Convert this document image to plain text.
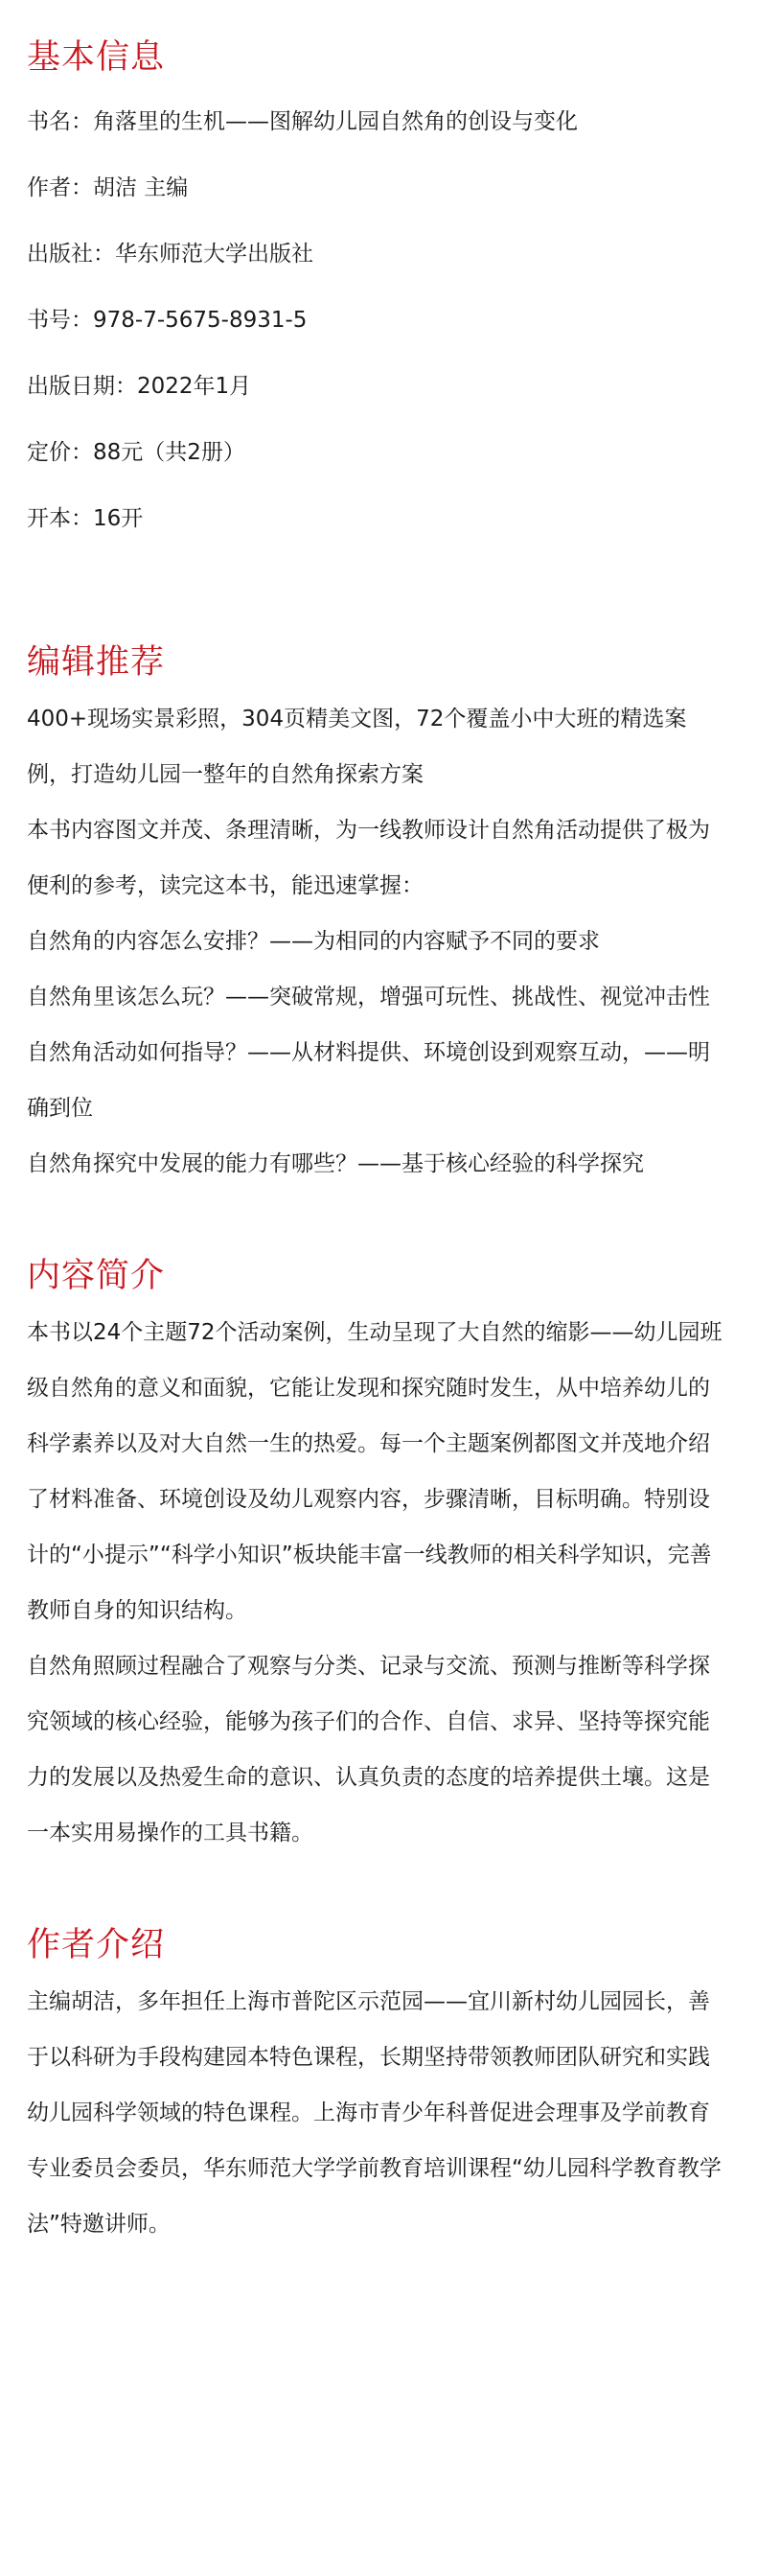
基本信息
书名：角落里的生机——图解幼儿园自然角的创设与变化
作者：胡洁 主编
出版社：华东师范大学出版社
书号：978-7-5675-8931-5
出版日期：2022年1月
定价：88元（共2册）
开本：16开
编辑推荐

400+现场实景彩照，304页精美文图，72个覆盖小中大班的精选案例，打造幼儿园一整年的自然角探索方案

本书内容图文并茂、条理清晰，为一线教师设计自然角活动提供了极为便利的参考，读完这本书，能迅速掌握：

自然角的内容怎么安排？——为相同的内容赋予不同的要求

自然角里该怎么玩？——突破常规，增强可玩性、挑战性、视觉冲击性

自然角活动如何指导？——从材料提供、环境创设到观察互动，——明确到位

自然角探究中发展的能力有哪些？——基于核心经验的科学探究

内容简介

本书以24个主题72个活动案例，生动呈现了大自然的缩影——幼儿园班级自然角的意义和面貌，它能让发现和探究随时发生，从中培养幼儿的科学素养以及对大自然一生的热爱。每一个主题案例都图文并茂地介绍了材料准备、环境创设及幼儿观察内容，步骤清晰，目标明确。特别设计的“小提示”“科学小知识”板块能丰富一线教师的相关科学知识，完善教师自身的知识结构。

自然角照顾过程融合了观察与分类、记录与交流、预测与推断等科学探究领域的核心经验，能够为孩子们的合作、自信、求异、坚持等探究能力的发展以及热爱生命的意识、认真负责的态度的培养提供土壤。这是一本实用易操作的工具书籍。

作者介绍

主编胡洁，多年担任上海市普陀区示范园——宜川新村幼儿园园长，善于以科研为手段构建园本特色课程，长期坚持带领教师团队研究和实践幼儿园科学领域的特色课程。上海市青少年科普促进会理事及学前教育专业委员会委员，华东师范大学学前教育培训课程“幼儿园科学教育教学法”特邀讲师。
